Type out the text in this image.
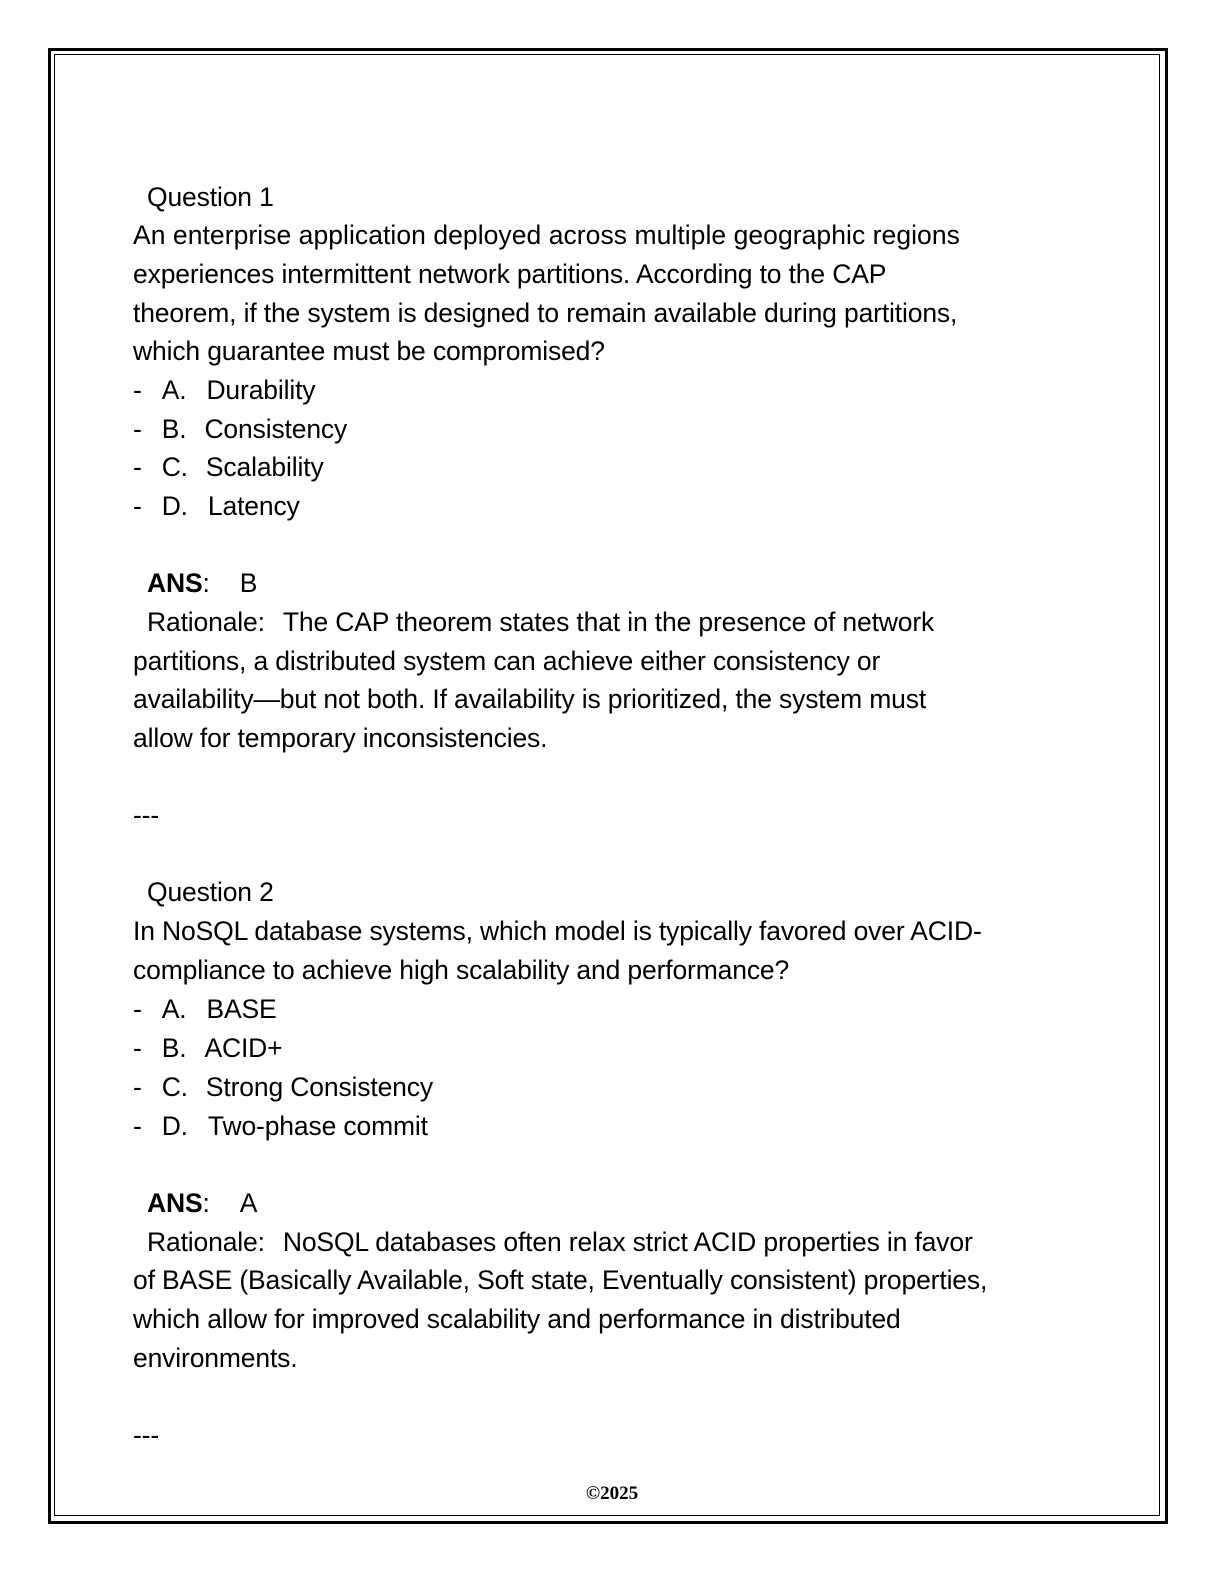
Question 1
An enterprise application deployed across multiple geographic regions
experiences intermittent network partitions. According to the CAP
theorem, if the system is designed to remain available during partitions,
which guarantee must be compromised?
- A. Durability
- B. Consistency
- C. Scalability
- D. Latency
ANS: B
Rationale: The CAP theorem states that in the presence of network
partitions, a distributed system can achieve either consistency or
availability—but not both. If availability is prioritized, the system must
allow for temporary inconsistencies.
---
Question 2
In NoSQL database systems, which model is typically favored over ACID-
compliance to achieve high scalability and performance?
- A. BASE
- B. ACID+
- C. Strong Consistency
- D. Two-phase commit
ANS: A
Rationale: NoSQL databases often relax strict ACID properties in favor
of BASE (Basically Available, Soft state, Eventually consistent) properties,
which allow for improved scalability and performance in distributed
environments.
---
©2025
